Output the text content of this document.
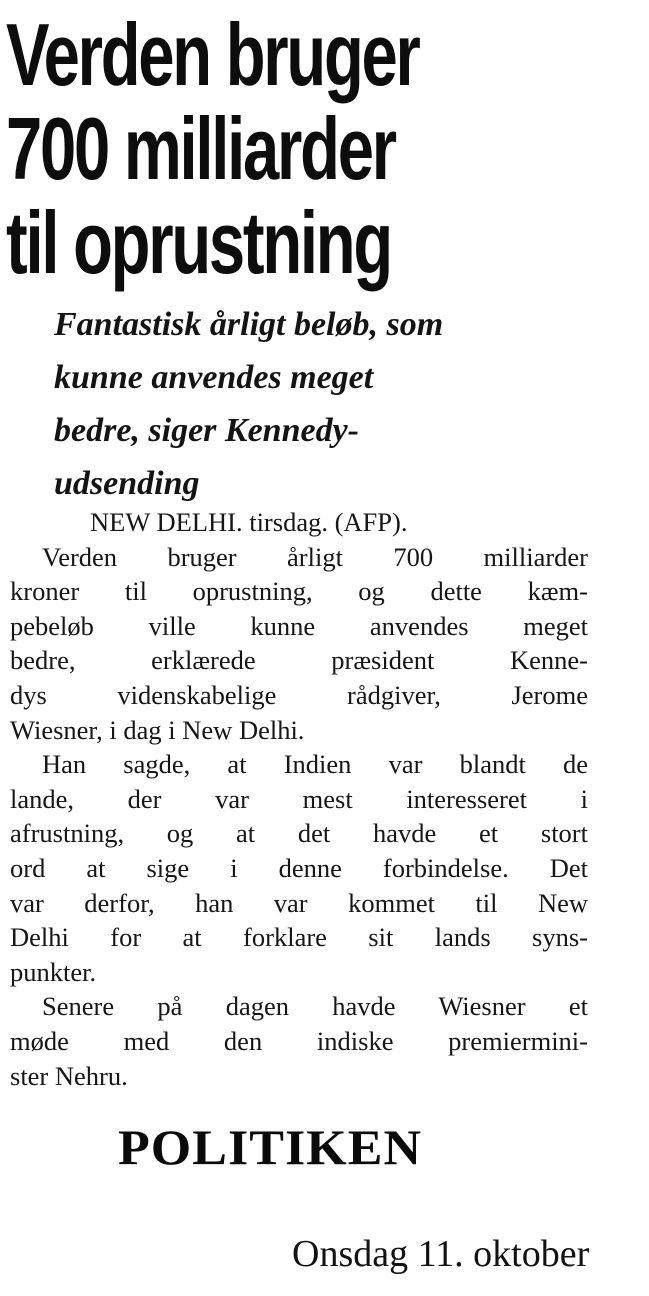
Verden bruger
700 milliarder
til oprustning
Fantastisk årligt beløb, som
kunne anvendes meget
bedre, siger Kennedy-
udsending
NEW DELHI. tirsdag. (AFP).
Verden bruger årligt 700 milliarder
kroner til oprustning, og dette kæm-
pebeløb ville kunne anvendes meget
bedre, erklærede præsident Kenne-
dys videnskabelige rådgiver, Jerome
Wiesner, i dag i New Delhi.
Han sagde, at Indien var blandt de
lande, der var mest interesseret i
afrustning, og at det havde et stort
ord at sige i denne forbindelse. Det
var derfor, han var kommet til New
Delhi for at forklare sit lands syns-
punkter.
Senere på dagen havde Wiesner et
møde med den indiske premiermini-
ster Nehru.
POLITIKEN
Onsdag 11. oktober
